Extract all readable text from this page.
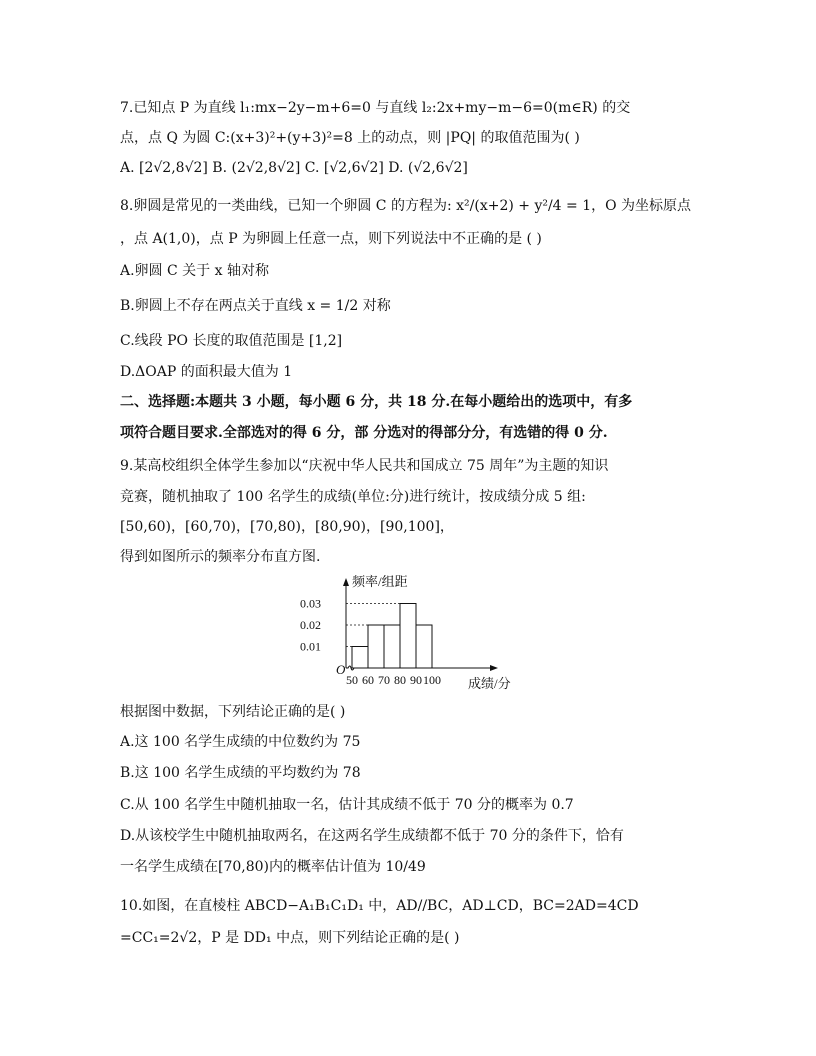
7.已知点 P 为直线 l₁:mx−2y−m+6=0 与直线 l₂:2x+my−m−6=0(m∈R) 的交
点，点 Q 为圆 C:(x+3)²+(y+3)²=8 上的动点，则 |PQ| 的取值范围为( )
A. [2√2,8√2] B. (2√2,8√2] C. [√2,6√2] D. (√2,6√2]
8.卵圆是常见的一类曲线，已知一个卵圆 C 的方程为: x²/(x+2) + y²/4 = 1，O 为坐标原点
，点 A(1,0)，点 P 为卵圆上任意一点，则下列说法中不正确的是 ( )
A.卵圆 C 关于 x 轴对称
B.卵圆上不存在两点关于直线 x = 1/2 对称
C.线段 PO 长度的取值范围是 [1,2]
D.ΔOAP 的面积最大值为 1
二、选择题:本题共 3 小题，每小题 6 分，共 18 分.在每小题给出的选项中，有多
项符合题目要求.全部选对的得 6 分，部 分选对的得部分分，有选错的得 0 分.
9.某高校组织全体学生参加以“庆祝中华人民共和国成立 75 周年”为主题的知识
竞赛，随机抽取了 100 名学生的成绩(单位:分)进行统计，按成绩分成 5 组:
[50,60)，[60,70)，[70,80)，[80,90)，[90,100]，
得到如图所示的频率分布直方图.
频率/组距
成绩/分
O
0.01
0.02
0.03
50 60 70 80 90 100
根据图中数据，下列结论正确的是( )
A.这 100 名学生成绩的中位数约为 75
B.这 100 名学生成绩的平均数约为 78
C.从 100 名学生中随机抽取一名，估计其成绩不低于 70 分的概率为 0.7
D.从该校学生中随机抽取两名，在这两名学生成绩都不低于 70 分的条件下，恰有
一名学生成绩在[70,80)内的概率估计值为 10/49
10.如图，在直棱柱 ABCD−A₁B₁C₁D₁ 中，AD//BC，AD⊥CD，BC=2AD=4CD
=CC₁=2√2，P 是 DD₁ 中点，则下列结论正确的是( )
